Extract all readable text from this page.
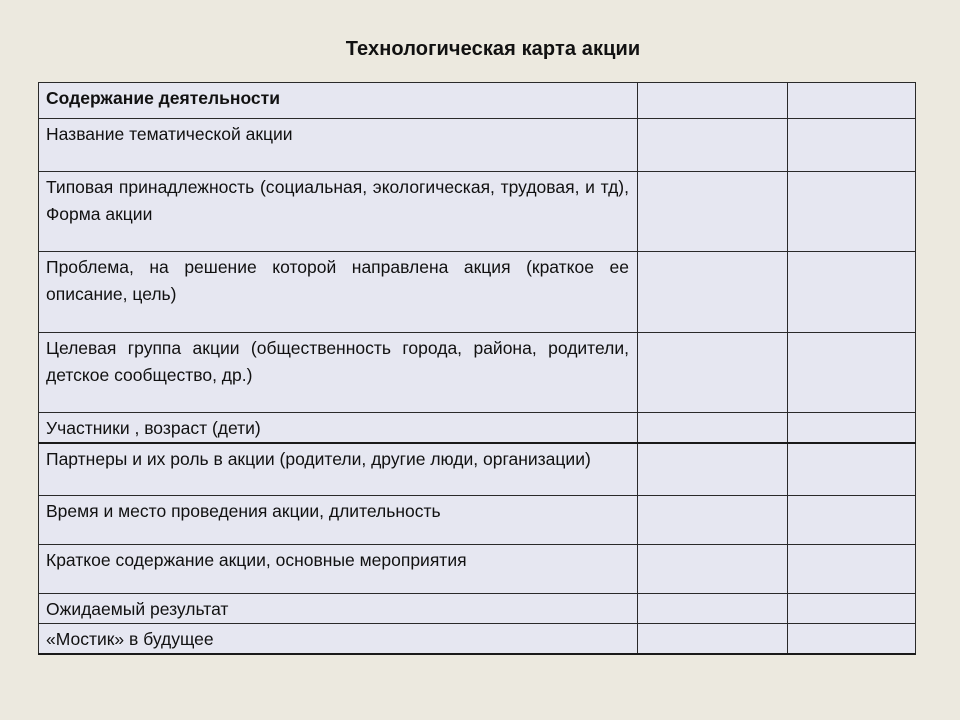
Технологическая карта акции
Содержание деятельности		
Название тематической акции		
Типовая принадлежность (социальная, экологическая, трудовая, и тд), Форма акции		
Проблема, на решение которой направлена акция (краткое ее описание, цель)		
Целевая группа акции (общественность города, района, родители, детское сообщество, др.)		
Участники , возраст (дети)		
Партнеры и их роль в акции (родители, другие люди, организации)		
Время и место проведения акции, длительность		
Краткое содержание акции, основные мероприятия		
Ожидаемый результат		
«Мостик» в будущее		
